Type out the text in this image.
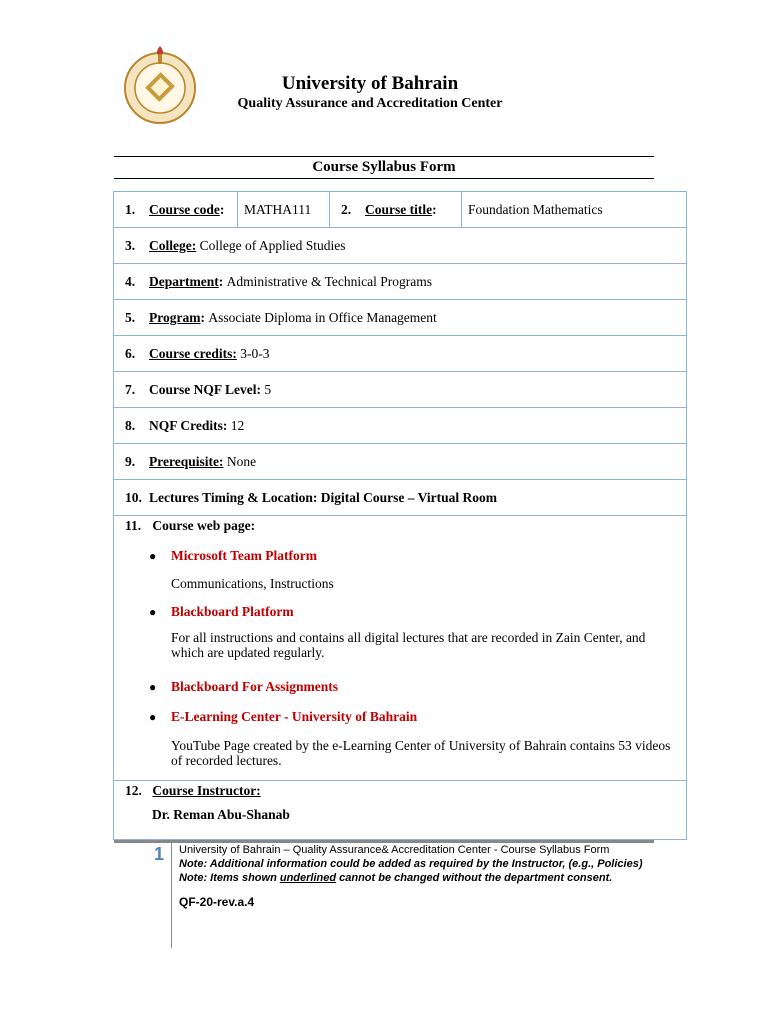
University of Bahrain
Quality Assurance and Accreditation Center
Course Syllabus Form
1.	Course code : MATHA111 2.	Course title : Foundation Mathematics
3.	College:
College of Applied Studies
4.	Department :
Administrative & Technical Programs
5.	Program :
Associate Diploma in Office Management
6.	Course credits:
3-0-3
7.	Course NQF Level:
5
8.	NQF Credits:
12
9.	Prerequisite:
None
10. Lectures Timing & Location: Digital Course – Virtual Room
11. Course web page:
●	Microsoft Team Platform
Communications, Instructions
●	Blackboard Platform
For all instructions and contains all digital lectures that are recorded in Zain Center, and which are updated regularly.
●	Blackboard For Assignments
●	E-Learning Center - University of Bahrain
YouTube Page created by the e-Learning Center of University of Bahrain contains 53 videos of recorded lectures.
12. Course Instructor:
Dr. Reman Abu-Shanab
1 University of Bahrain – Quality Assurance& Accreditation Center - Course Syllabus Form
Note: Additional information could be added as required by the Instructor, (e.g., Policies)
Note: Items shown underlined cannot be changed without the department consent.
QF-20-rev.a.4
